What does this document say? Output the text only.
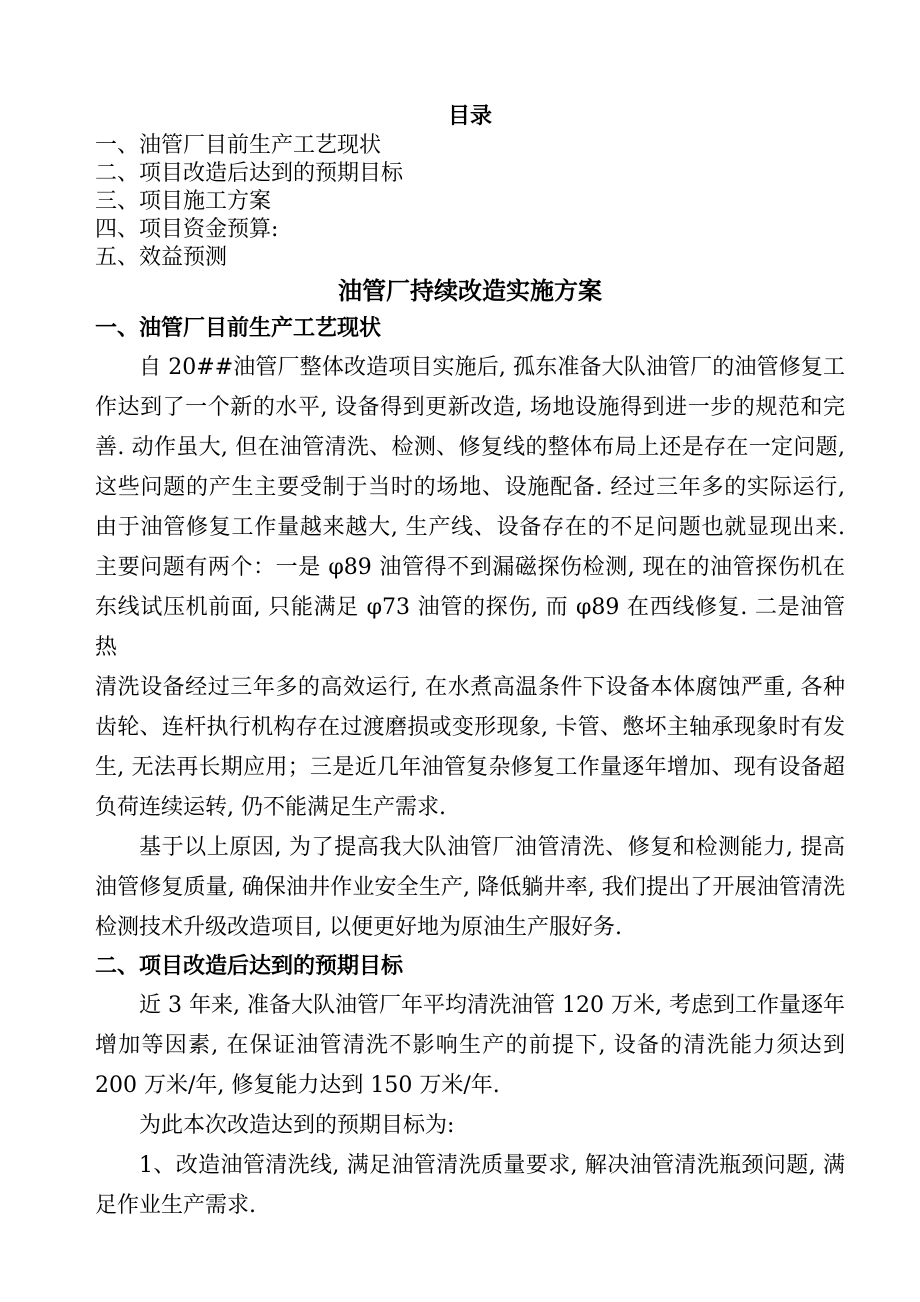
目录
一、油管厂目前生产工艺现状
二、项目改造后达到的预期目标
三、项目施工方案
四、项目资金预算:
五、效益预测
油管厂持续改造实施方案
一、油管厂目前生产工艺现状
自 20##油管厂整体改造项目实施后, 孤东准备大队油管厂的油管修复工
作达到了一个新的水平, 设备得到更新改造, 场地设施得到进一步的规范和完
善. 动作虽大, 但在油管清洗、检测、修复线的整体布局上还是存在一定问题,
这些问题的产生主要受制于当时的场地、设施配备. 经过三年多的实际运行,
由于油管修复工作量越来越大, 生产线、设备存在的不足问题也就显现出来.
主要问题有两个：一是 φ89 油管得不到漏磁探伤检测, 现在的油管探伤机在
东线试压机前面, 只能满足 φ73 油管的探伤, 而 φ89 在西线修复. 二是油管热
清洗设备经过三年多的高效运行, 在水煮高温条件下设备本体腐蚀严重, 各种
齿轮、连杆执行机构存在过渡磨损或变形现象, 卡管、憋坏主轴承现象时有发
生, 无法再长期应用；三是近几年油管复杂修复工作量逐年增加、现有设备超
负荷连续运转, 仍不能满足生产需求.
基于以上原因, 为了提高我大队油管厂油管清洗、修复和检测能力, 提高
油管修复质量, 确保油井作业安全生产, 降低躺井率, 我们提出了开展油管清洗
检测技术升级改造项目, 以便更好地为原油生产服好务.
二、项目改造后达到的预期目标
近 3 年来, 准备大队油管厂年平均清洗油管 120 万米, 考虑到工作量逐年
增加等因素, 在保证油管清洗不影响生产的前提下, 设备的清洗能力须达到
200 万米/年, 修复能力达到 150 万米/年.
为此本次改造达到的预期目标为:
1、改造油管清洗线, 满足油管清洗质量要求, 解决油管清洗瓶颈问题, 满
足作业生产需求.
